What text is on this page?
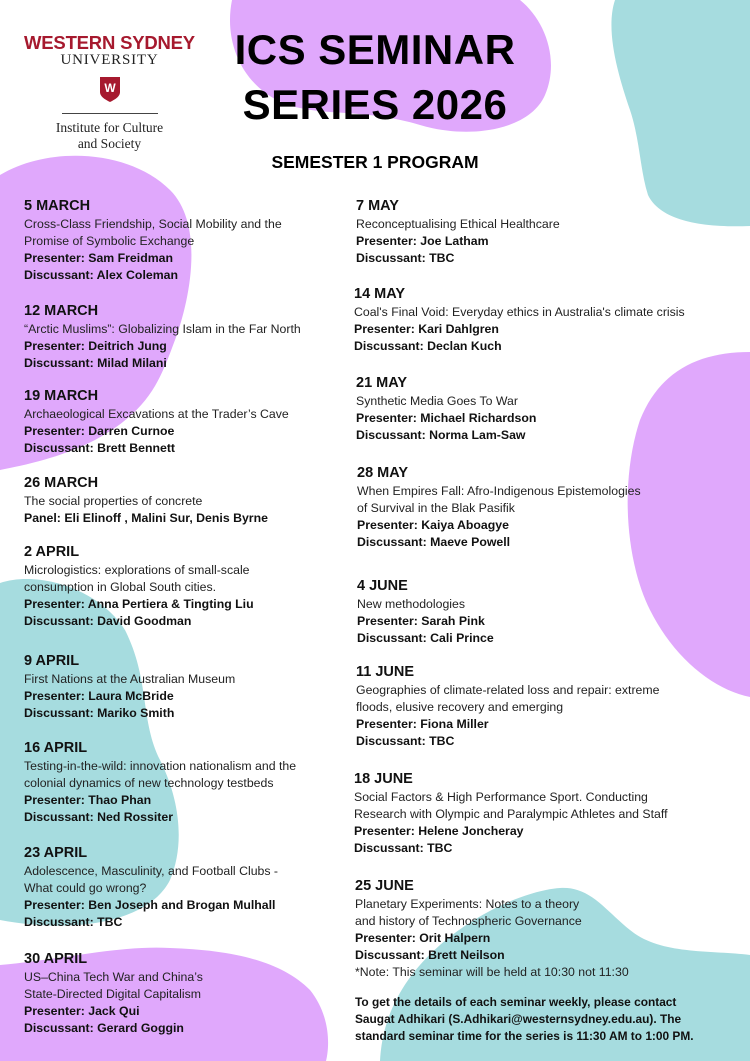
WESTERN SYDNEY
UNIVERSITY
W
Institute for Culture
and Society
ICS SEMINAR
SERIES 2026
SEMESTER 1 PROGRAM
5 MARCH
Cross-Class Friendship, Social Mobility and the
Promise of Symbolic Exchange
Presenter: Sam Freidman
Discussant: Alex Coleman
12 MARCH
“Arctic Muslims”: Globalizing Islam in the Far North
Presenter: Deitrich Jung
Discussant: Milad Milani
19 MARCH
Archaeological Excavations at the Trader’s Cave
Presenter: Darren Curnoe
Discussant: Brett Bennett
26 MARCH
The social properties of concrete
Panel: Eli Elinoff , Malini Sur, Denis Byrne
2 APRIL
Micrologistics: explorations of small-scale
consumption in Global South cities.
Presenter: Anna Pertiera & Tingting Liu
Discussant: David Goodman
9 APRIL
First Nations at the Australian Museum
Presenter: Laura McBride
Discussant: Mariko Smith
16 APRIL
Testing-in-the-wild: innovation nationalism and the
colonial dynamics of new technology testbeds
Presenter: Thao Phan
Discussant: Ned Rossiter
23 APRIL
Adolescence, Masculinity, and Football Clubs -
What could go wrong?
Presenter: Ben Joseph and Brogan Mulhall
Discussant: TBC
30 APRIL
US–China Tech War and China’s
State-Directed Digital Capitalism
Presenter: Jack Qui
Discussant: Gerard Goggin
7 MAY
Reconceptualising Ethical Healthcare
Presenter: Joe Latham
Discussant: TBC
14 MAY
Coal's Final Void: Everyday ethics in Australia's climate crisis
Presenter: Kari Dahlgren
Discussant: Declan Kuch
21 MAY
Synthetic Media Goes To War
Presenter: Michael Richardson
Discussant: Norma Lam-Saw
28 MAY
When Empires Fall: Afro-Indigenous Epistemologies
of Survival in the Blak Pasifik
Presenter: Kaiya Aboagye
Discussant: Maeve Powell
4 JUNE
New methodologies
Presenter: Sarah Pink
Discussant: Cali Prince
11 JUNE
Geographies of climate-related loss and repair: extreme
floods, elusive recovery and emerging
Presenter: Fiona Miller
Discussant: TBC
18 JUNE
Social Factors & High Performance Sport. Conducting
Research with Olympic and Paralympic Athletes and Staff
Presenter: Helene Joncheray
Discussant: TBC
25 JUNE
Planetary Experiments: Notes to a theory
and history of Technospheric Governance
Presenter: Orit Halpern
Discussant: Brett Neilson
*Note: This seminar will be held at 10:30 not 11:30
To get the details of each seminar weekly, please contact
Saugat Adhikari (S.Adhikari@westernsydney.edu.au). The
standard seminar time for the series is 11:30 AM to 1:00 PM.
